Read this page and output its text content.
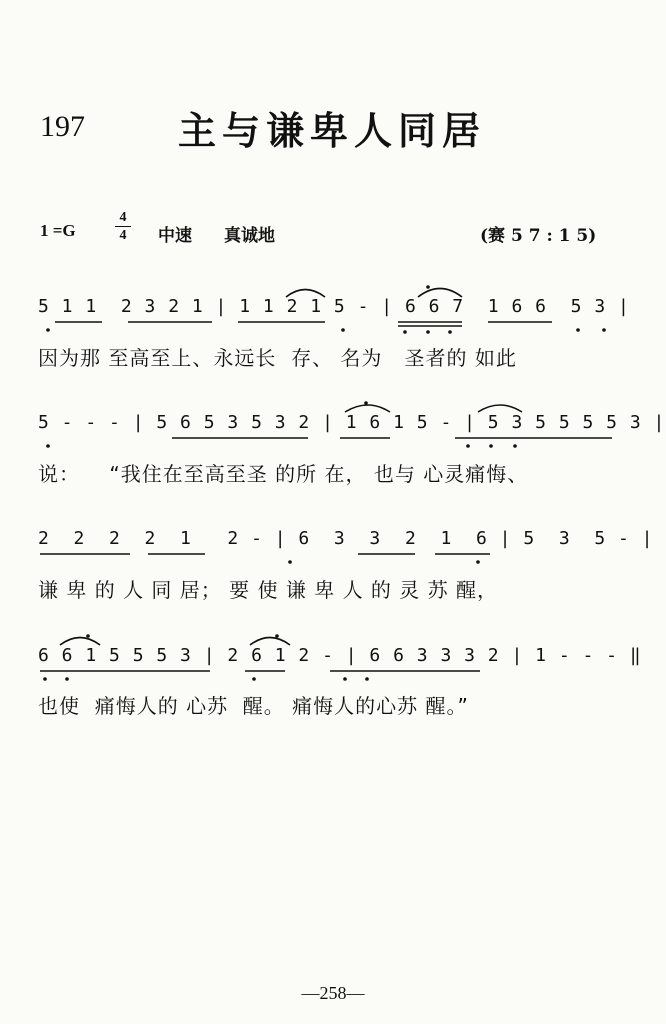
197 主与谦卑人同居
1 =G
4
4 中速 真诚地	(赛 5 7 : 1 5)
5 1 1  2 3 2 1 | 1 1 2 1 5 - | 6 6 7  1 6 6  5 3 |
因为那 至高至上、永远长  存、 名为   圣者的 如此
5 - - - | 5 6 5 3 5 3 2 | 1 6 1 5 - | 5 3 5 5 5 5 3 |
说：    “我住在至高至圣 的所 在， 也与 心灵痛悔、
2  2  2  2  1   2 - | 6  3  3  2  1  6 | 5  3  5 - |
谦 卑 的 人 同 居； 要 使 谦 卑 人 的 灵 苏 醒，
6 6 1 5 5 5 3 | 2 6 1 2 - | 6 6 3 3 3 2 | 1 - - - ‖
也使  痛悔人的 心苏  醒。 痛悔人的心苏 醒。”
—258—
